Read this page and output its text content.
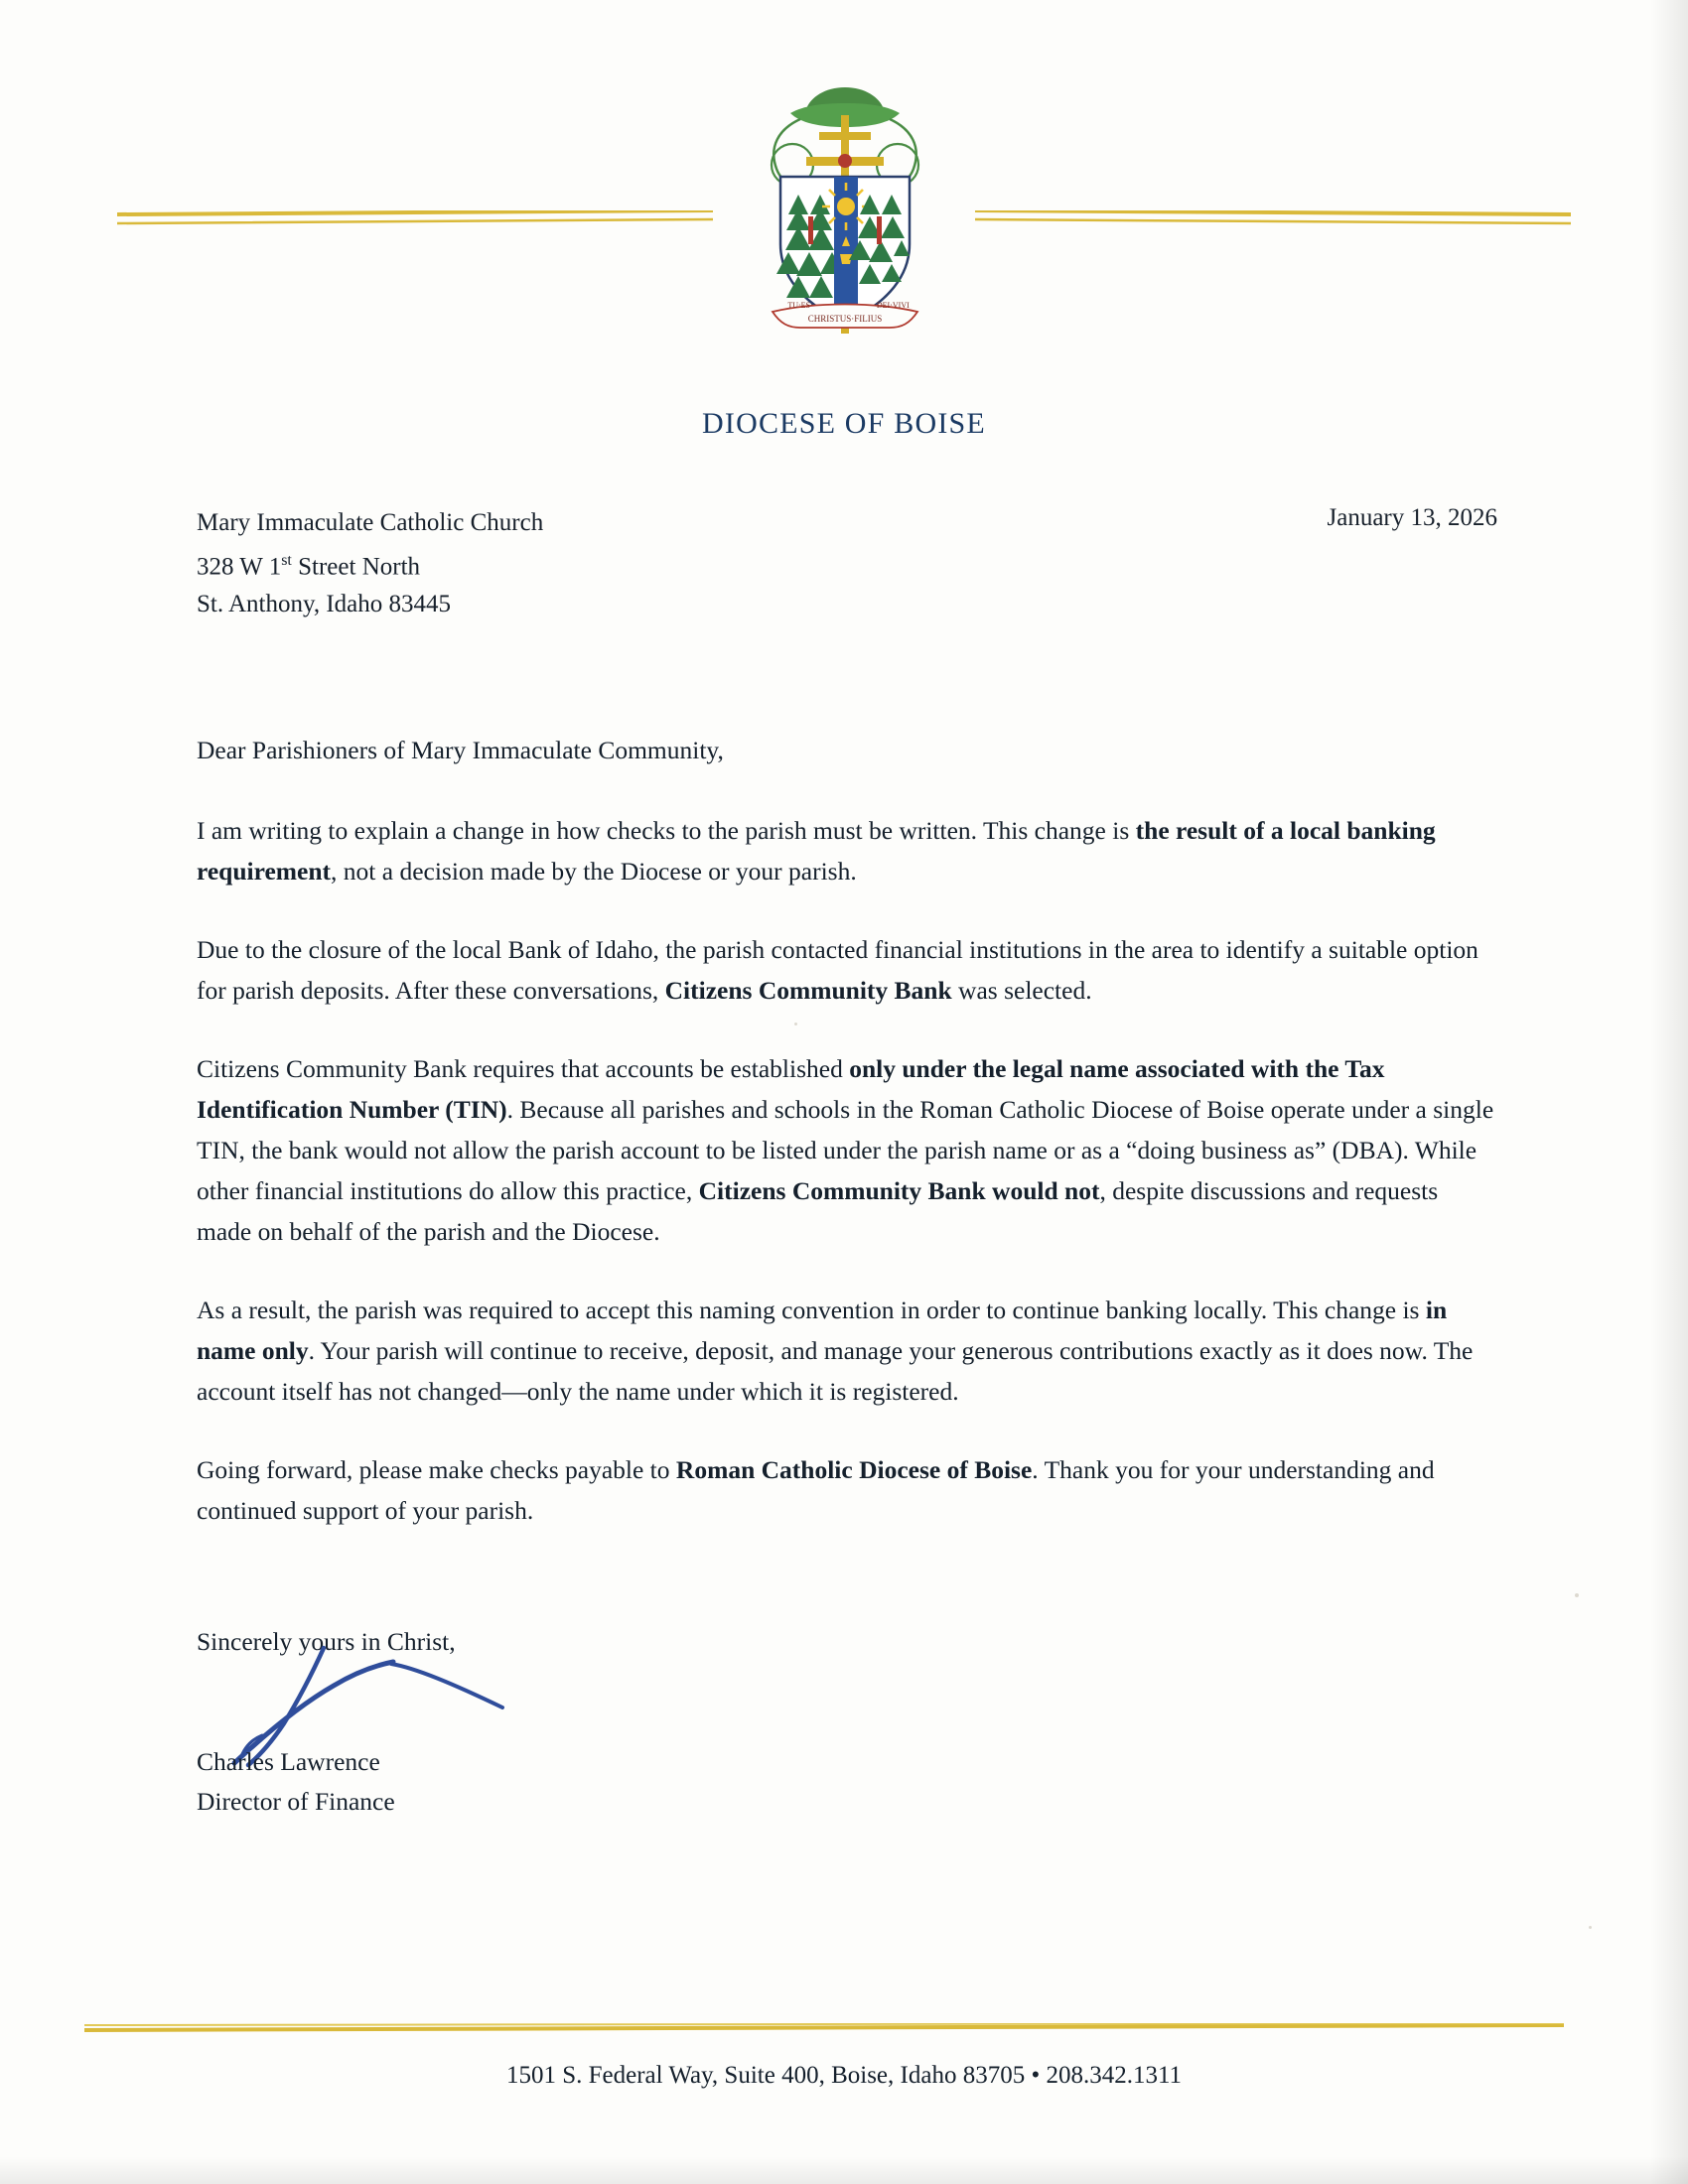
CHRISTUS·FILIUS
TU·ES·	·DEI·VIVI
DIOCESE OF BOISE
Mary Immaculate Catholic Church
328 W 1st Street North
St. Anthony, Idaho 83445
January 13, 2026
Dear Parishioners of Mary Immaculate Community,

I am writing to explain a change in how checks to the parish must be written. This change is the result of a local banking requirement, not a decision made by the Diocese or your parish.

Due to the closure of the local Bank of Idaho, the parish contacted financial institutions in the area to identify a suitable option for parish deposits. After these conversations, Citizens Community Bank was selected.

Citizens Community Bank requires that accounts be established only under the legal name associated with the Tax Identification Number (TIN). Because all parishes and schools in the Roman Catholic Diocese of Boise operate under a single TIN, the bank would not allow the parish account to be listed under the parish name or as a “doing business as” (DBA). While other financial institutions do allow this practice, Citizens Community Bank would not, despite discussions and requests made on behalf of the parish and the Diocese.

As a result, the parish was required to accept this naming convention in order to continue banking locally. This change is in name only. Your parish will continue to receive, deposit, and manage your generous contributions exactly as it does now. The account itself has not changed—only the name under which it is registered.

Going forward, please make checks payable to Roman Catholic Diocese of Boise. Thank you for your understanding and continued support of your parish.

Sincerely yours in Christ,
Charles Lawrence
Director of Finance
1501 S. Federal Way, Suite 400, Boise, Idaho 83705 • 208.342.1311
